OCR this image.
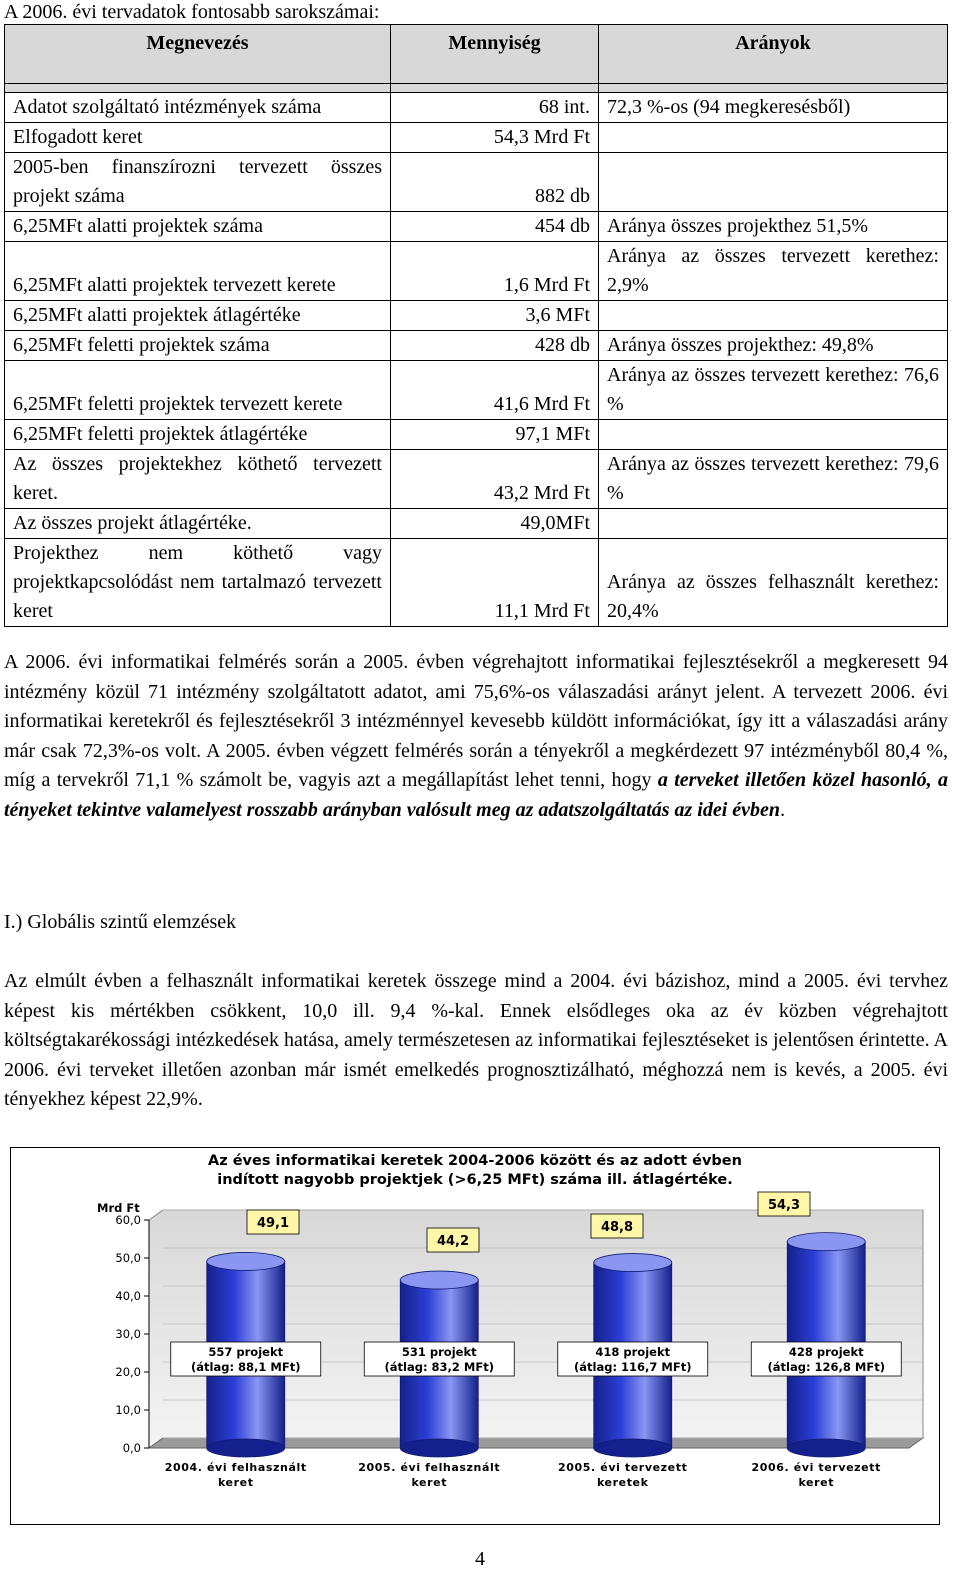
A 2006. évi tervadatok fontosabb sarokszámai:
Megnevezés	Mennyiség	Arányok

Adatot szolgáltató intézmények száma	68 int.	72,3 %-os (94 megkeresésből)
Elfogadott keret	54,3 Mrd Ft	
2005-ben finanszírozni tervezett összes projekt száma	882 db	
6,25MFt alatti projektek száma	454 db	Aránya összes projekthez 51,5%
6,25MFt alatti projektek tervezett kerete	1,6 Mrd Ft	Aránya az összes tervezett kerethez: 2,9%
6,25MFt alatti projektek átlagértéke	3,6 MFt	
6,25MFt feletti projektek száma	428 db	Aránya összes projekthez: 49,8%
6,25MFt feletti projektek tervezett kerete	41,6 Mrd Ft	Aránya az összes tervezett kerethez: 76,6 %
6,25MFt feletti projektek átlagértéke	97,1 MFt	
Az összes projektekhez köthető tervezett keret.	43,2 Mrd Ft	Aránya az összes tervezett kerethez: 79,6 %
Az összes projekt átlagértéke.	49,0MFt	
Projekthez nem köthető vagy projektkapcsolódást nem tartalmazó tervezett keret	11,1 Mrd Ft	Aránya az összes felhasznált kerethez: 20,4%
A 2006. évi informatikai felmérés során a 2005. évben végrehajtott informatikai fejlesztésekről a megkeresett 94 intézmény közül 71 intézmény szolgáltatott adatot, ami 75,6%-os válaszadási arányt jelent. A tervezett 2006. évi informatikai keretekről és fejlesztésekről 3 intézménnyel kevesebb küldött információkat, így itt a válaszadási arány már csak 72,3%-os volt. A 2005. évben végzett felmérés során a tényekről a megkérdezett 97 intézményből 80,4 %, míg a tervekről 71,1 % számolt be, vagyis azt a megállapítást lehet tenni, hogy a terveket illetően közel hasonló, a tényeket tekintve valamelyest rosszabb arányban valósult meg az adatszolgáltatás az idei évben.
I.) Globális szintű elemzések
Az elmúlt évben a felhasznált informatikai keretek összege mind a 2004. évi bázishoz, mind a 2005. évi tervhez képest kis mértékben csökkent, 10,0 ill. 9,4 %-kal. Ennek elsődleges oka az év közben végrehajtott költségtakarékossági intézkedések hatása, amely természetesen az informatikai fejlesztéseket is jelentősen érintette. A 2006. évi terveket illetően azonban már ismét emelkedés prognosztizálható, méghozzá nem is kevés, a 2005. évi tényekhez képest 22,9%.
Az éves informatikai keretek 2004-2006 között és az adott évben
indított nagyobb projektjek (>6,25 MFt) száma ill. átlagértéke.
0,0
10,0
20,0
30,0
40,0
50,0
60,0
Mrd Ft
49,1
557 projekt
(átlag: 88,1 MFt)
2004. évi felhasznált
keret
44,2
531 projekt
(átlag: 83,2 MFt)
2005. évi felhasznált
keret
48,8
418 projekt
(átlag: 116,7 MFt)
2005. évi tervezett
keretek
54,3
428 projekt
(átlag: 126,8 MFt)
2006. évi tervezett
keret
4
